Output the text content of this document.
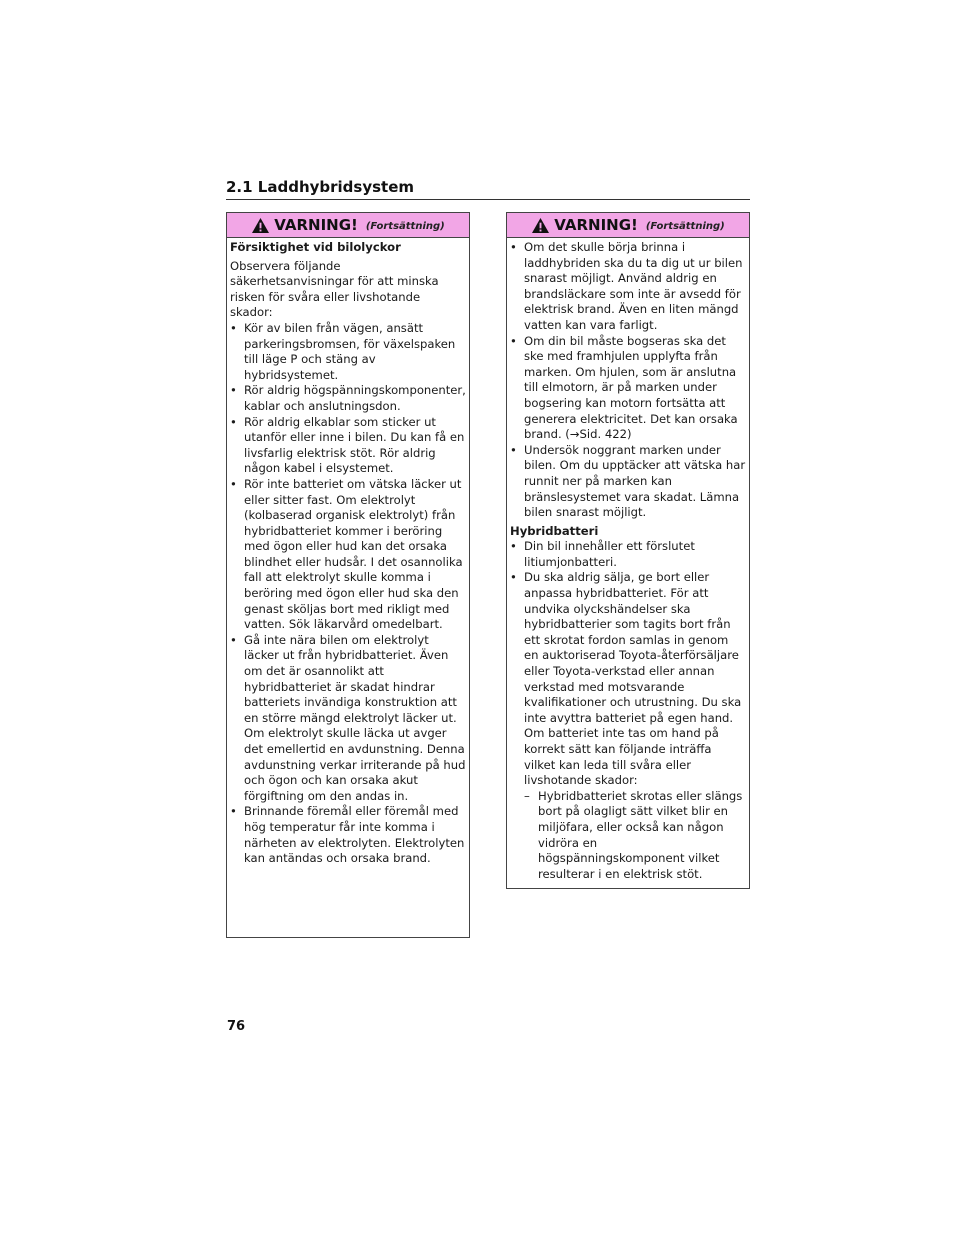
2.1 Laddhybridsystem
VARNING! (Fortsättning)

Försiktighet vid bilolyckor

Observera följande säkerhetsanvisningar för att minska risken för svåra eller livshotande skador:

• Kör av bilen från vägen, ansätt parkeringsbromsen, för växelspaken till läge P och stäng av hybridsystemet.
• Rör aldrig högspänningskomponenter, kablar och anslutningsdon.
• Rör aldrig elkablar som sticker ut utanför eller inne i bilen. Du kan få en livsfarlig elektrisk stöt. Rör aldrig någon kabel i elsystemet.
• Rör inte batteriet om vätska läcker ut eller sitter fast. Om elektrolyt (kolbaserad organisk elektrolyt) från hybridbatteriet kommer i beröring med ögon eller hud kan det orsaka blindhet eller hudsår. I det osannolika fall att elektrolyt skulle komma i beröring med ögon eller hud ska den genast sköljas bort med rikligt med vatten. Sök läkarvård omedelbart.
• Gå inte nära bilen om elektrolyt läcker ut från hybridbatteriet. Även om det är osannolikt att hybridbatteriet är skadat hindrar batteriets invändiga konstruktion att en större mängd elektrolyt läcker ut. Om elektrolyt skulle läcka ut avger det emellertid en avdunstning. Denna avdunstning verkar irriterande på hud och ögon och kan orsaka akut förgiftning om den andas in.
• Brinnande föremål eller föremål med hög temperatur får inte komma i närheten av elektrolyten. Elektrolyten kan antändas och orsaka brand.
VARNING! (Fortsättning)
• Om det skulle börja brinna i laddhybriden ska du ta dig ut ur bilen snarast möjligt. Använd aldrig en brandsläckare som inte är avsedd för elektrisk brand. Även en liten mängd vatten kan vara farligt.
• Om din bil måste bogseras ska det ske med framhjulen upplyfta från marken. Om hjulen, som är anslutna till elmotorn, är på marken under bogsering kan motorn fortsätta att generera elektricitet. Det kan orsaka brand. (→Sid. 422)
• Undersök noggrant marken under bilen. Om du upptäcker att vätska har runnit ner på marken kan bränslesystemet vara skadat. Lämna bilen snarast möjligt.

Hybridbatteri

• Din bil innehåller ett förslutet litiumjonbatteri.
• Du ska aldrig sälja, ge bort eller anpassa hybridbatteriet. För att undvika olyckshändelser ska hybridbatterier som tagits bort från ett skrotat fordon samlas in genom en auktoriserad Toyota-återförsäljare eller Toyota-verkstad eller annan verkstad med motsvarande kvalifikationer och utrustning. Du ska inte avyttra batteriet på egen hand. Om batteriet inte tas om hand på korrekt sätt kan följande inträffa vilket kan leda till svåra eller livshotande skador:
– Hybridbatteriet skrotas eller slängs bort på olagligt sätt vilket blir en miljöfara, eller också kan någon vidröra en högspänningskomponent vilket resulterar i en elektrisk stöt.
76
